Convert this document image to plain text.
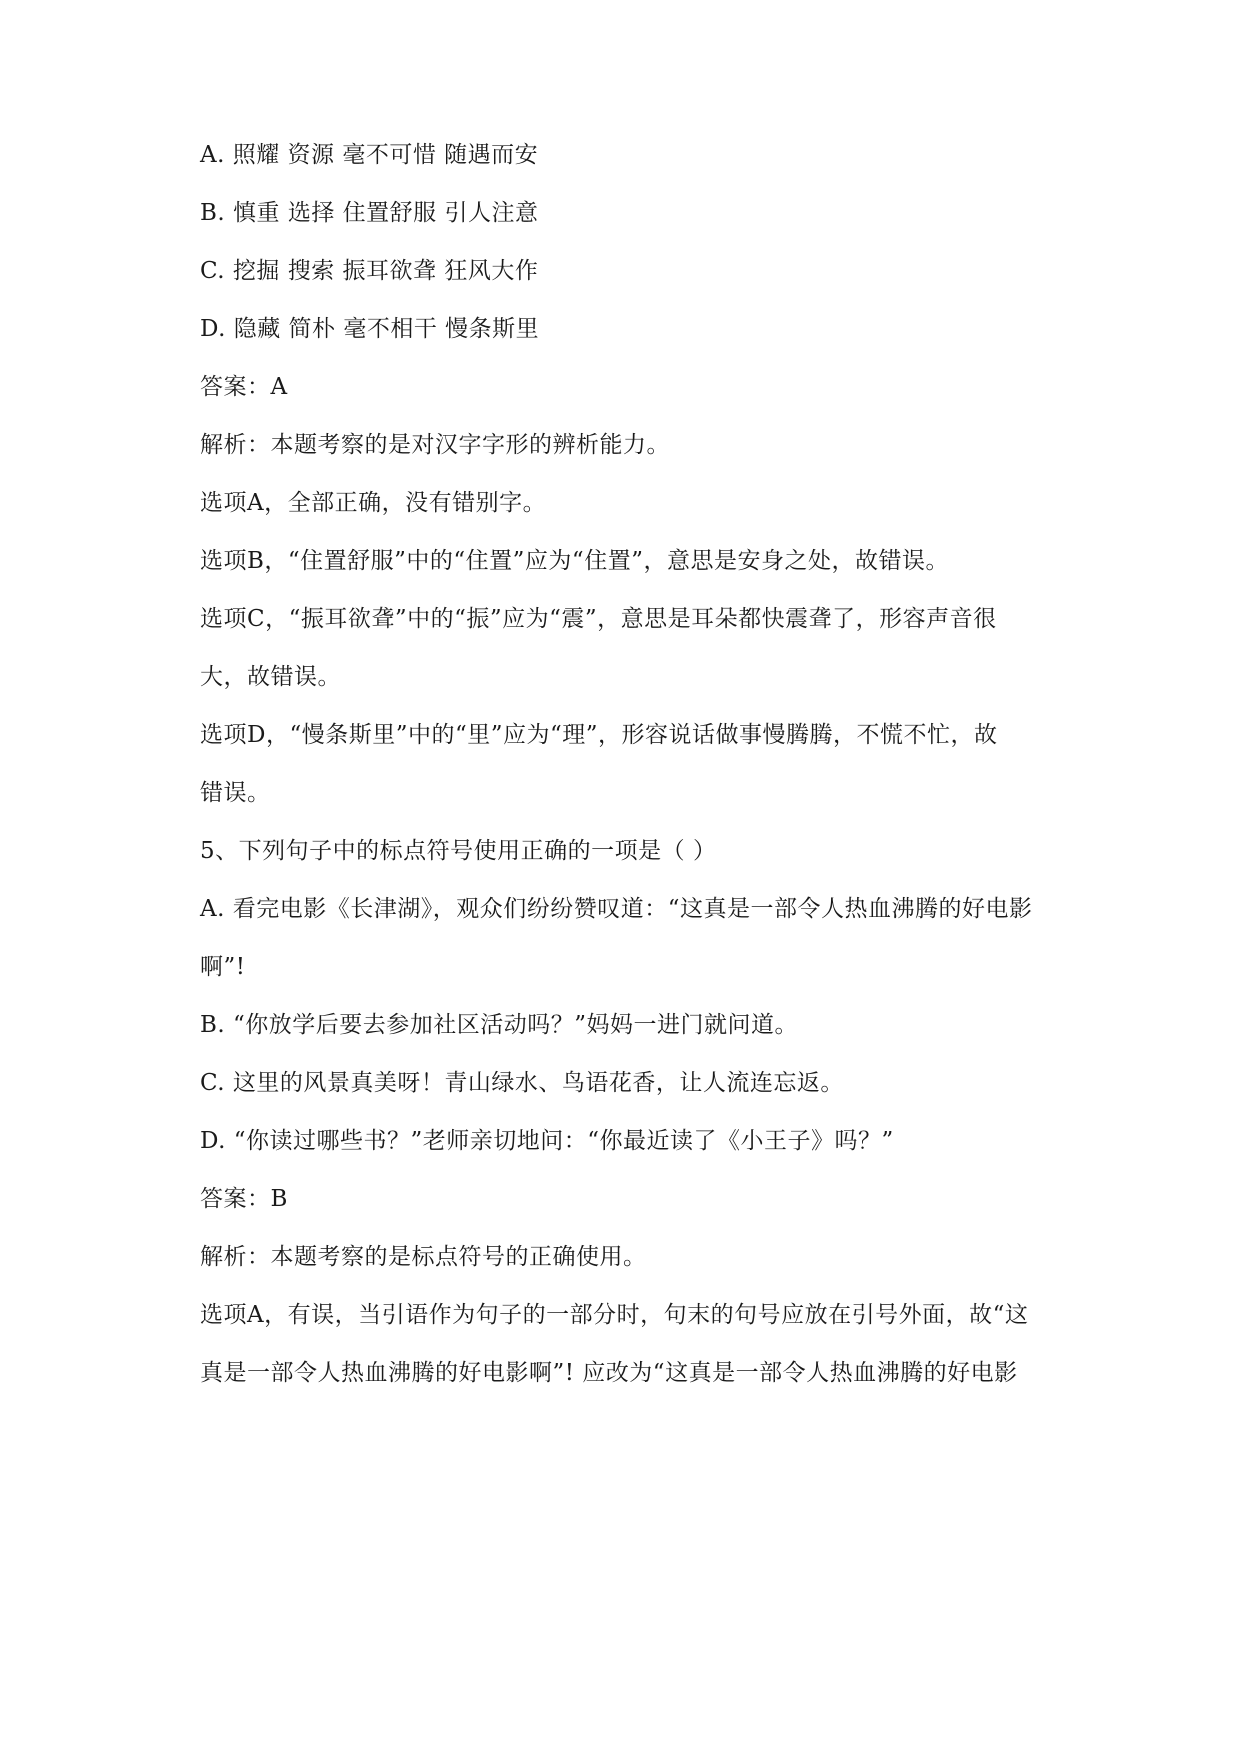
A. 照耀 资源 毫不可惜 随遇而安
B. 慎重 选择 住置舒服 引人注意
C. 挖掘 搜索 振耳欲聋 狂风大作
D. 隐藏 简朴 毫不相干 慢条斯里
答案：A
解析：本题考察的是对汉字字形的辨析能力。
选项A，全部正确，没有错别字。
选项B，“住置舒服”中的“住置”应为“住置”，意思是安身之处，故错误。
选项C，“振耳欲聋”中的“振”应为“震”，意思是耳朵都快震聋了，形容声音很
大，故错误。
选项D，“慢条斯里”中的“里”应为“理”，形容说话做事慢腾腾，不慌不忙，故
错误。
5、下列句子中的标点符号使用正确的一项是（ ）
A. 看完电影《长津湖》，观众们纷纷赞叹道：“这真是一部令人热血沸腾的好电影
啊”!
B. “你放学后要去参加社区活动吗？”妈妈一进门就问道。
C. 这里的风景真美呀！青山绿水、鸟语花香，让人流连忘返。
D. “你读过哪些书？”老师亲切地问：“你最近读了《小王子》吗？”
答案：B
解析：本题考察的是标点符号的正确使用。
选项A，有误，当引语作为句子的一部分时，句末的句号应放在引号外面，故“这
真是一部令人热血沸腾的好电影啊”! 应改为“这真是一部令人热血沸腾的好电影
